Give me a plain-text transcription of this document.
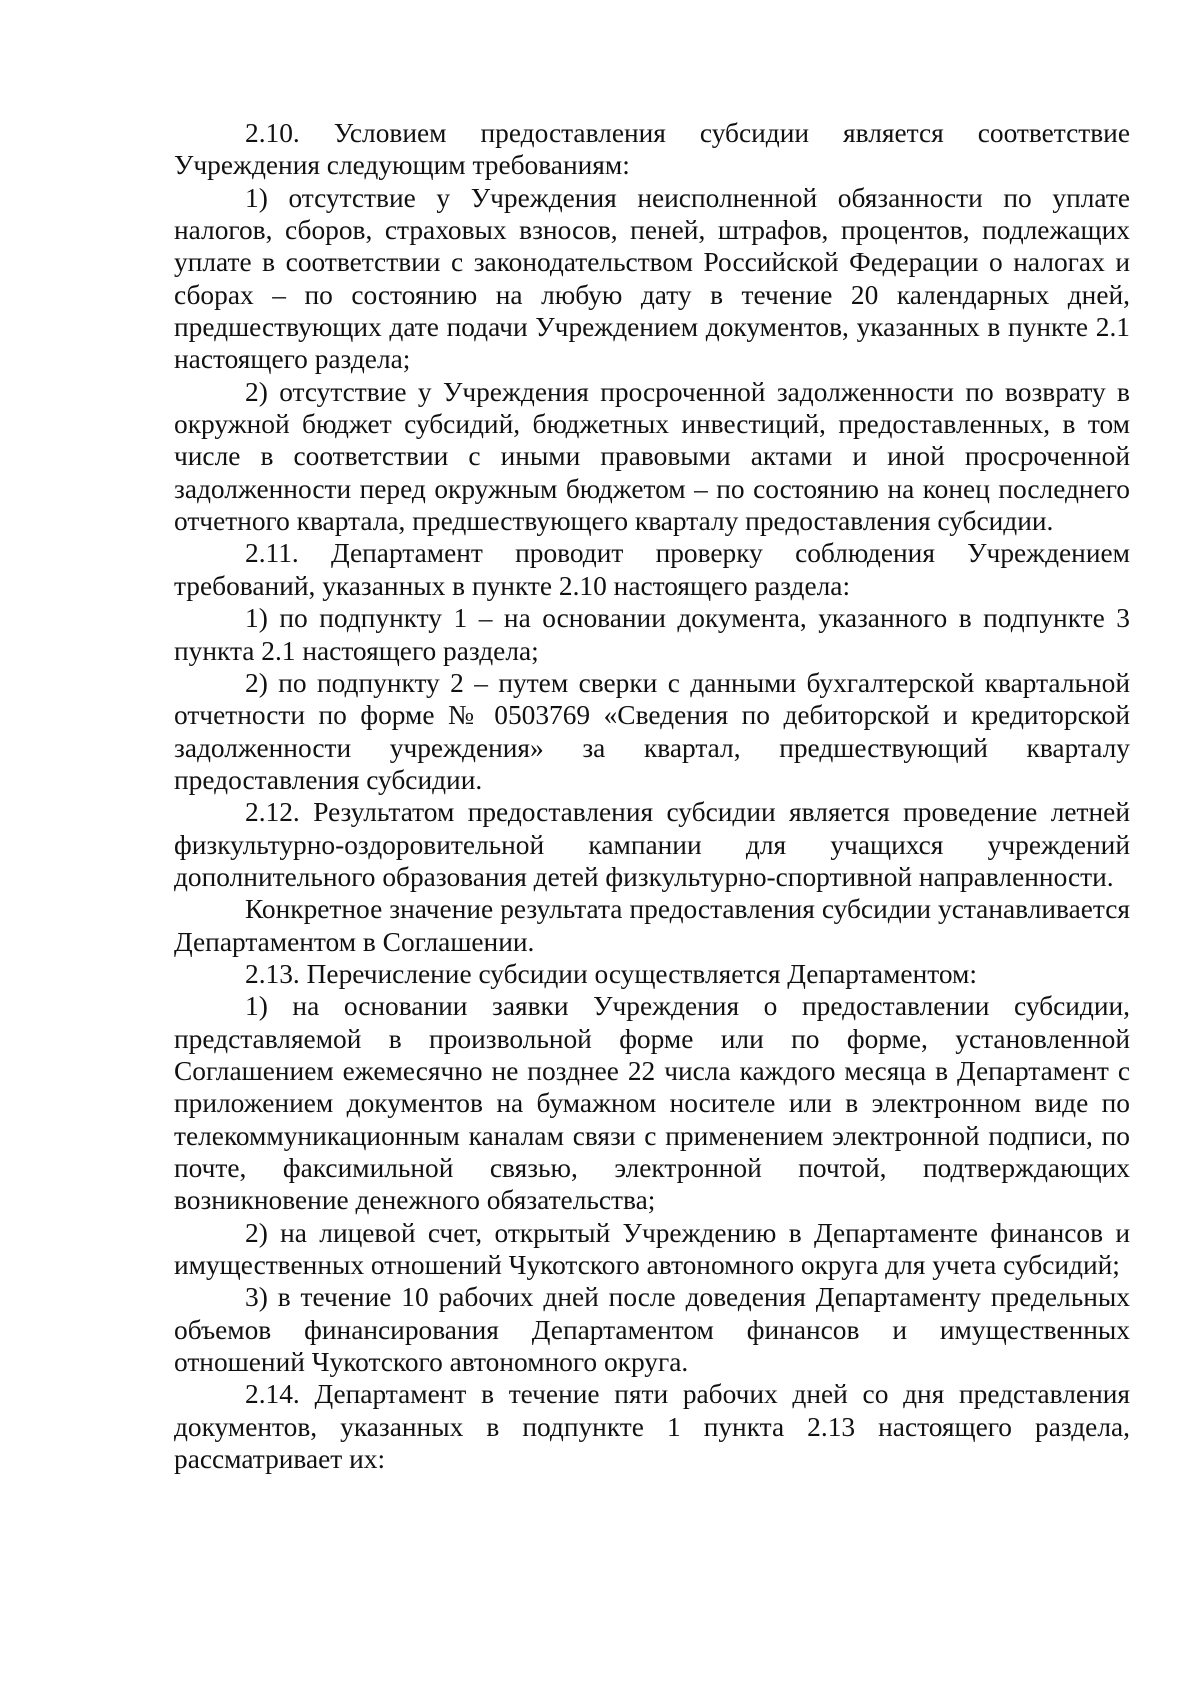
2.10. Условием предоставления субсидии является соответствие Учреждения следующим требованиям:

1) отсутствие у Учреждения неисполненной обязанности по уплате налогов, сборов, страховых взносов, пеней, штрафов, процентов, подлежащих уплате в соответствии с законодательством Российской Федерации о налогах и сборах – по состоянию на любую дату в течение 20 календарных дней, предшествующих дате подачи Учреждением документов, указанных в пункте 2.1 настоящего раздела;

2) отсутствие у Учреждения просроченной задолженности по возврату в окружной бюджет субсидий, бюджетных инвестиций, предоставленных, в том числе в соответствии с иными правовыми актами и иной просроченной задолженности перед окружным бюджетом – по состоянию на конец последнего отчетного квартала, предшествующего кварталу предоставления субсидии.

2.11. Департамент проводит проверку соблюдения Учреждением требований, указанных в пункте 2.10 настоящего раздела:

1) по подпункту 1 – на основании документа, указанного в подпункте 3 пункта 2.1 настоящего раздела;

2) по подпункту 2 – путем сверки с данными бухгалтерской квартальной отчетности по форме № 0503769 «Сведения по дебиторской и кредиторской задолженности учреждения» за квартал, предшествующий кварталу предоставления субсидии.

2.12. Результатом предоставления субсидии является проведение летней физкультурно-оздоровительной кампании для учащихся учреждений дополнительного образования детей физкультурно-спортивной направленности.

Конкретное значение результата предоставления субсидии устанавливается Департаментом в Соглашении.

2.13. Перечисление субсидии осуществляется Департаментом:

1) на основании заявки Учреждения о предоставлении субсидии, представляемой в произвольной форме или по форме, установленной Соглашением ежемесячно не позднее 22 числа каждого месяца в Департамент с приложением документов на бумажном носителе или в электронном виде по телекоммуникационным каналам связи с применением электронной подписи, по почте, факсимильной связью, электронной почтой, подтверждающих возникновение денежного обязательства;

2) на лицевой счет, открытый Учреждению в Департаменте финансов и имущественных отношений Чукотского автономного округа для учета субсидий;

3) в течение 10 рабочих дней после доведения Департаменту предельных объемов финансирования Департаментом финансов и имущественных отношений Чукотского автономного округа.

2.14. Департамент в течение пяти рабочих дней со дня представления документов, указанных в подпункте 1 пункта 2.13 настоящего раздела, рассматривает их:
